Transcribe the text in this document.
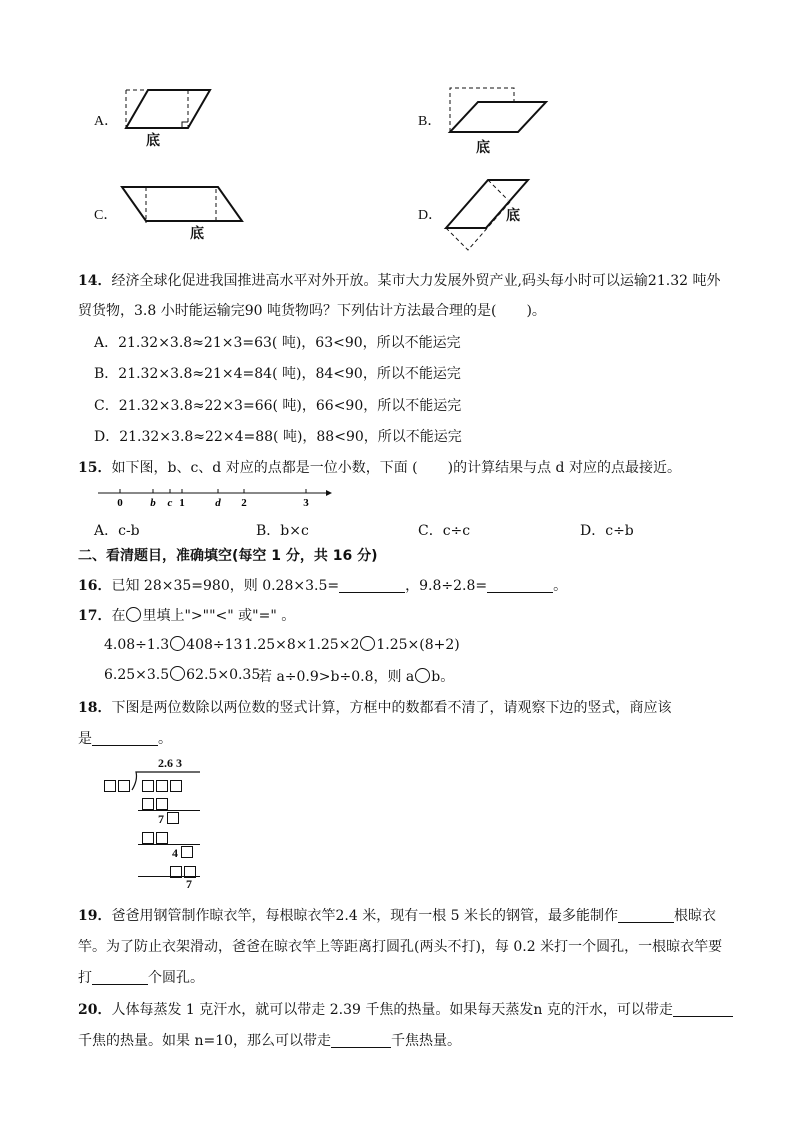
A．
底
B．
底
C．
底
D．	底
14．经济全球化促进我国推进高水平对外开放。某市大力发展外贸产业,码头每小时可以运输21.32 吨外
贸货物，3.8 小时能运输完90 吨货物吗？下列估计方法最合理的是( )。
A．21.32×3.8≈21×3=63( 吨)，63<90，所以不能运完
B．21.32×3.8≈21×4=84( 吨)，84<90，所以不能运完
C．21.32×3.8≈22×3=66( 吨)，66<90，所以不能运完
D．21.32×3.8≈22×4=88( 吨)，88<90，所以不能运完
15．如下图，b、c、d 对应的点都是一位小数，下面 ( )的计算结果与点 d 对应的点最接近。
0	b c 1	d 2	3
A．c-b	B．b×c	C．c÷c	D．c÷b
二、看清题目，准确填空(每空 1 分，共 16 分)
16．已知 28×35=980，则 0.28×3.5=	，9.8÷2.8=	。
17．在 里填上">""<" 或"=" 。
4.08÷1.3 408÷13 1.25×8×1.25×2 1.25×(8+2)
6.25×3.5 62.5×0.35
若 a÷0.9>b÷0.8，则 a b。
18．下图是两位数除以两位数的竖式计算，方框中的数都看不清了，请观察下边的竖式，商应该
是	。
2.6 3
7
4
7
19．爸爸用钢管制作晾衣竿，每根晾衣竿2.4 米，现有一根 5 米长的钢管，最多能制作	根晾衣
竿。为了防止衣架滑动，爸爸在晾衣竿上等距离打圆孔(两头不打)，每 0.2 米打一个圆孔，一根晾衣竿要
打	个圆孔。
20．人体每蒸发 1 克汗水，就可以带走 2.39 千焦的热量。如果每天蒸发n 克的汗水，可以带走
千焦的热量。如果 n=10，那么可以带走	千焦热量。
